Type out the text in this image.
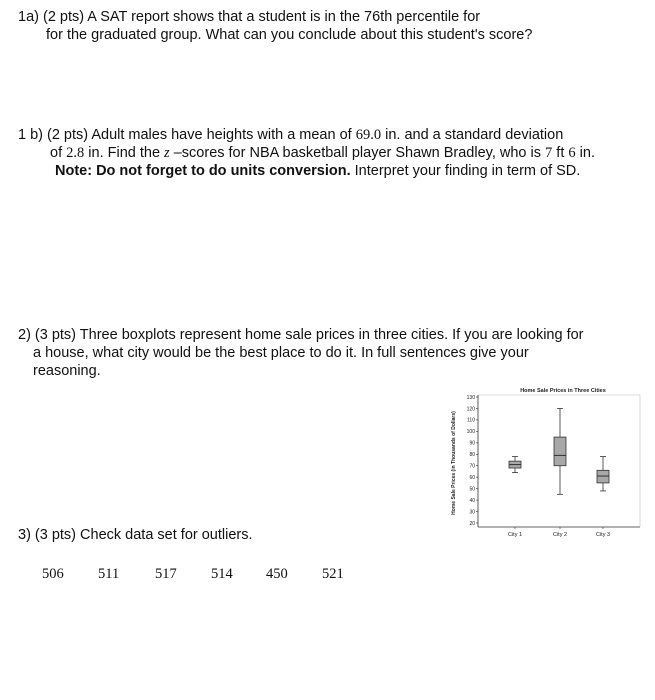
1a) (2 pts) A SAT report shows that a student is in the 76th percentile for

for the graduated group. What can you conclude about this student's score?

1 b) (2 pts) Adult males have heights with a mean of 69.0 in. and a standard deviation

of 2.8 in. Find the z –scores for NBA basketball player Shawn Bradley, who is 7 ft 6 in.

Note: Do not forget to do units conversion. Interpret your finding in term of SD.

2) (3 pts) Three boxplots represent home sale prices in three cities. If you are looking for

a house, what city would be the best place to do it. In full sentences give your

reasoning.

3) (3 pts) Check data set for outliers.

506 511 517 514 450 521
Home Sale Prices in Three Cities
Home Sale Prices (in Thousands of Dollars)
130
120
110
100
90
80
70
60
50
40
30
20
City 1	City 2	City 3
